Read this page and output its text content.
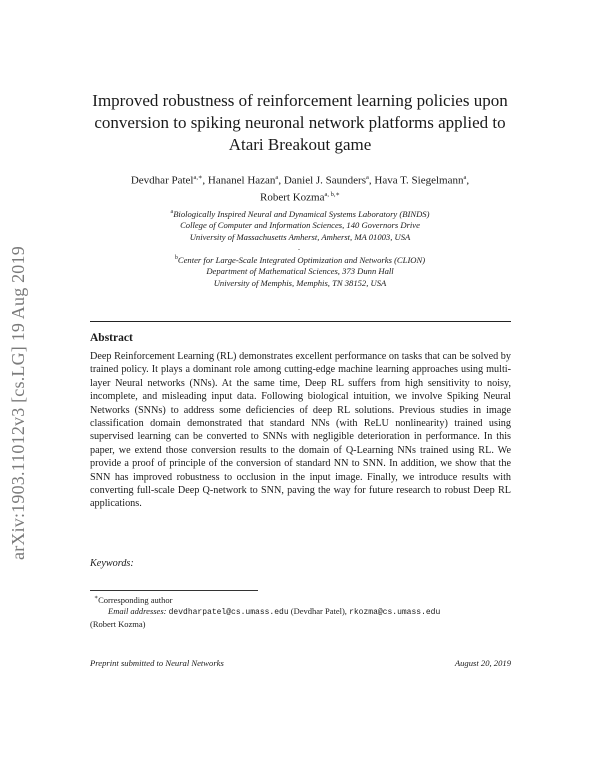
arXiv:1903.11012v3 [cs.LG] 19 Aug 2019
Improved robustness of reinforcement learning policies upon
conversion to spiking neuronal network platforms applied to
Atari Breakout game
Devdhar Patel$^{a,∗}$, Hananel Hazan$^a$, Daniel J. Saunders$^a$, Hava T. Siegelmann$^a$,
Robert Kozma$^{a, b,∗}$
$^a$Biologically Inspired Neural and Dynamical Systems Laboratory (BINDS)
College of Computer and Information Sciences, 140 Governors Drive
University of Massachusetts Amherst, Amherst, MA 01003, USA
.
$^b$Center for Large-Scale Integrated Optimization and Networks (CLION)
Department of Mathematical Sciences, 373 Dunn Hall
University of Memphis, Memphis, TN 38152, USA
Abstract
Deep Reinforcement Learning (RL) demonstrates excellent performance on tasks that can be solved by trained policy. It plays a dominant role among cutting-edge machine learning approaches using multi-layer Neural networks (NNs). At the same time, Deep RL suffers from high sensitivity to noisy, incomplete, and misleading input data. Following biological intuition, we involve Spiking Neural Networks (SNNs) to address some deficiencies of deep RL solutions. Previous studies in image classification domain demonstrated that standard NNs (with ReLU nonlinearity) trained using supervised learning can be converted to SNNs with negligible deterioration in performance. In this paper, we extend those conversion results to the domain of Q-Learning NNs trained using RL. We provide a proof of principle of the conversion of standard NN to SNN. In addition, we show that the SNN has improved robustness to occlusion in the input image. Finally, we introduce results with converting full-scale Deep Q-network to SNN, paving the way for future research to robust Deep RL applications.
Keywords:
∗Corresponding author
Email addresses: devdharpatel@cs.umass.edu (Devdhar Patel), rkozma@cs.umass.edu
(Robert Kozma)
Preprint submitted to Neural Networks	August 20, 2019
